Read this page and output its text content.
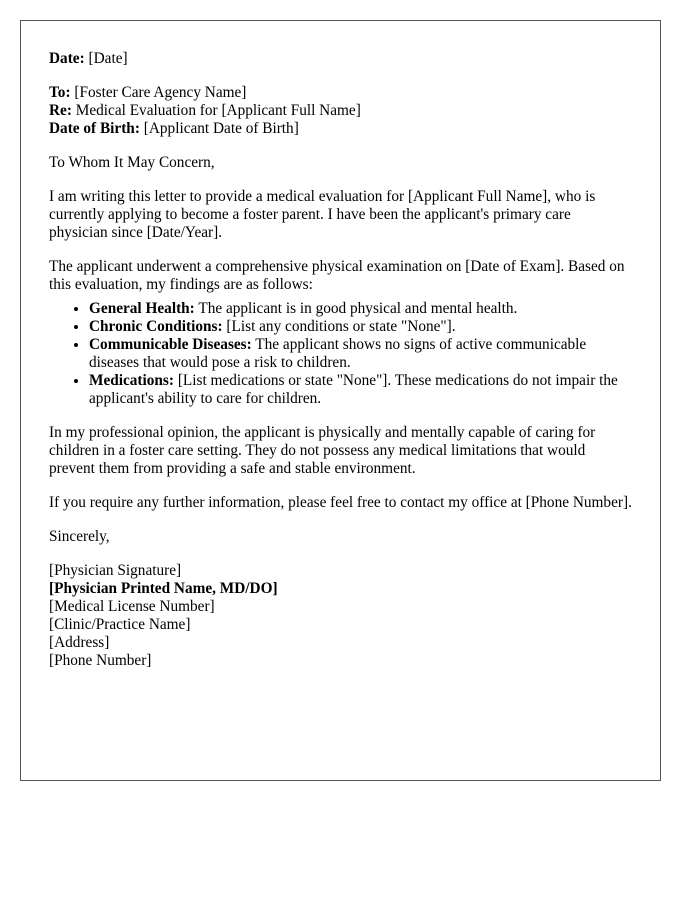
Date: [Date]

To: [Foster Care Agency Name]

Re: Medical Evaluation for [Applicant Full Name]

Date of Birth: [Applicant Date of Birth]

To Whom It May Concern,

I am writing this letter to provide a medical evaluation for [Applicant Full Name], who is currently applying to become a foster parent. I have been the applicant's primary care physician since [Date/Year].

The applicant underwent a comprehensive physical examination on [Date of Exam]. Based on this evaluation, my findings are as follows:

• General Health: The applicant is in good physical and mental health.
• Chronic Conditions: [List any conditions or state "None"].
• Communicable Diseases: The applicant shows no signs of active communicable diseases that would pose a risk to children.
• Medications: [List medications or state "None"]. These medications do not impair the applicant's ability to care for children.

In my professional opinion, the applicant is physically and mentally capable of caring for children in a foster care setting. They do not possess any medical limitations that would prevent them from providing a safe and stable environment.

If you require any further information, please feel free to contact my office at [Phone Number].

Sincerely,

[Physician Signature]

[Physician Printed Name, MD/DO]

[Medical License Number]

[Clinic/Practice Name]

[Address]

[Phone Number]
